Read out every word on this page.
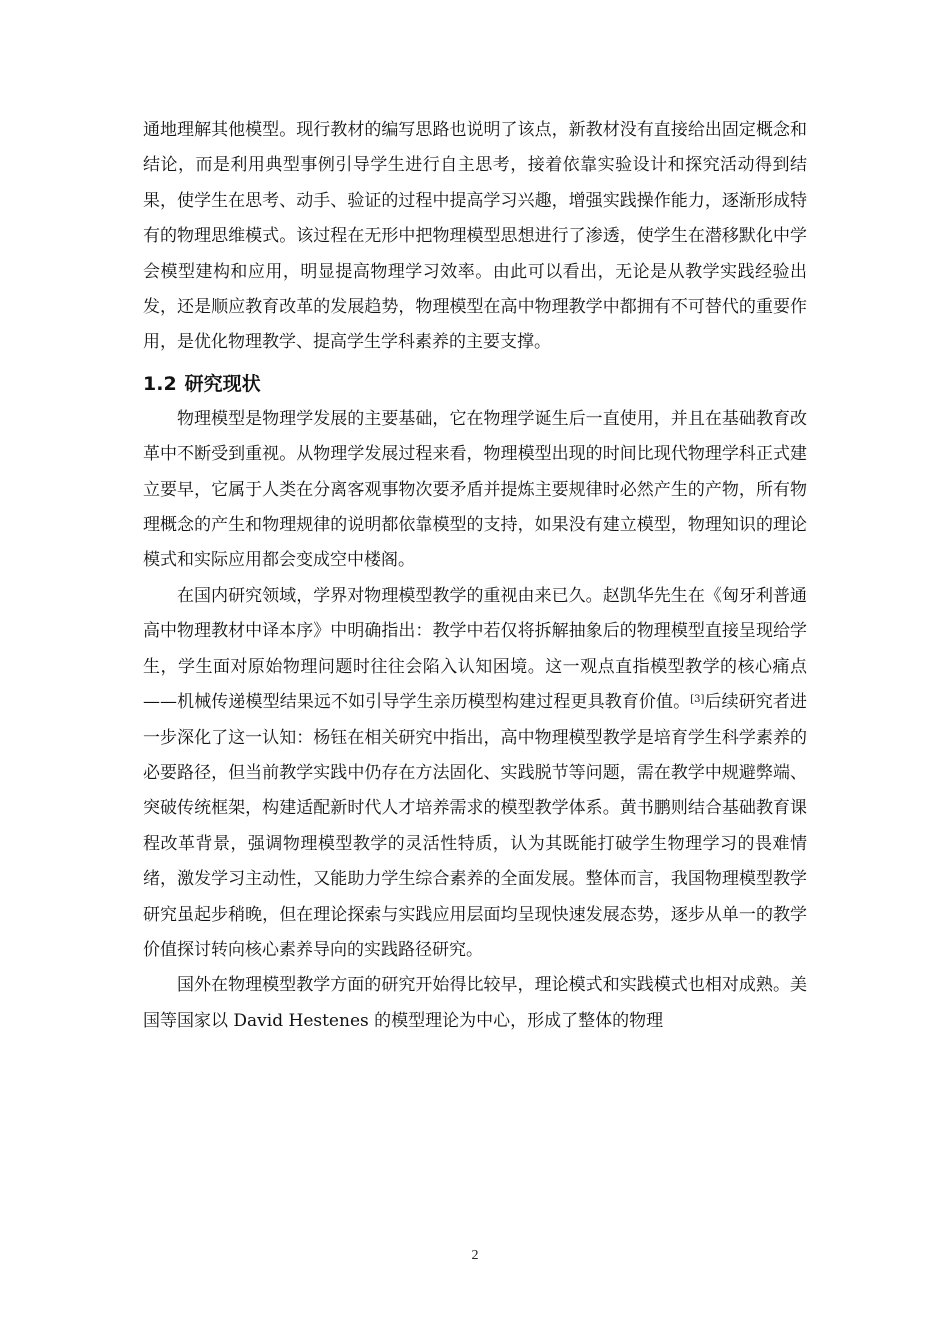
通地理解其他模型。现行教材的编写思路也说明了该点，新教材没有直接给出固定概念和结论，而是利用典型事例引导学生进行自主思考，接着依靠实验设计和探究活动得到结果，使学生在思考、动手、验证的过程中提高学习兴趣，增强实践操作能力，逐渐形成特有的物理思维模式。该过程在无形中把物理模型思想进行了渗透，使学生在潜移默化中学会模型建构和应用，明显提高物理学习效率。由此可以看出，无论是从教学实践经验出发，还是顺应教育改革的发展趋势，物理模型在高中物理教学中都拥有不可替代的重要作用，是优化物理教学、提高学生学科素养的主要支撑。

1.2 研究现状

物理模型是物理学发展的主要基础，它在物理学诞生后一直使用，并且在基础教育改革中不断受到重视。从物理学发展过程来看，物理模型出现的时间比现代物理学科正式建立要早，它属于人类在分离客观事物次要矛盾并提炼主要规律时必然产生的产物，所有物理概念的产生和物理规律的说明都依靠模型的支持，如果没有建立模型，物理知识的理论模式和实际应用都会变成空中楼阁。

在国内研究领域，学界对物理模型教学的重视由来已久。赵凯华先生在《匈牙利普通高中物理教材中译本序》中明确指出：教学中若仅将拆解抽象后的物理模型直接呈现给学生，学生面对原始物理问题时往往会陷入认知困境。这一观点直指模型教学的核心痛点——机械传递模型结果远不如引导学生亲历模型构建过程更具教育价值。[3]后续研究者进一步深化了这一认知：杨钰在相关研究中指出，高中物理模型教学是培育学生科学素养的必要路径，但当前教学实践中仍存在方法固化、实践脱节等问题，需在教学中规避弊端、突破传统框架，构建适配新时代人才培养需求的模型教学体系。黄书鹏则结合基础教育课程改革背景，强调物理模型教学的灵活性特质，认为其既能打破学生物理学习的畏难情绪，激发学习主动性，又能助力学生综合素养的全面发展。整体而言，我国物理模型教学研究虽起步稍晚，但在理论探索与实践应用层面均呈现快速发展态势，逐步从单一的教学价值探讨转向核心素养导向的实践路径研究。

国外在物理模型教学方面的研究开始得比较早，理论模式和实践模式也相对成熟。美国等国家以 David Hestenes 的模型理论为中心，形成了整体的物理

2
